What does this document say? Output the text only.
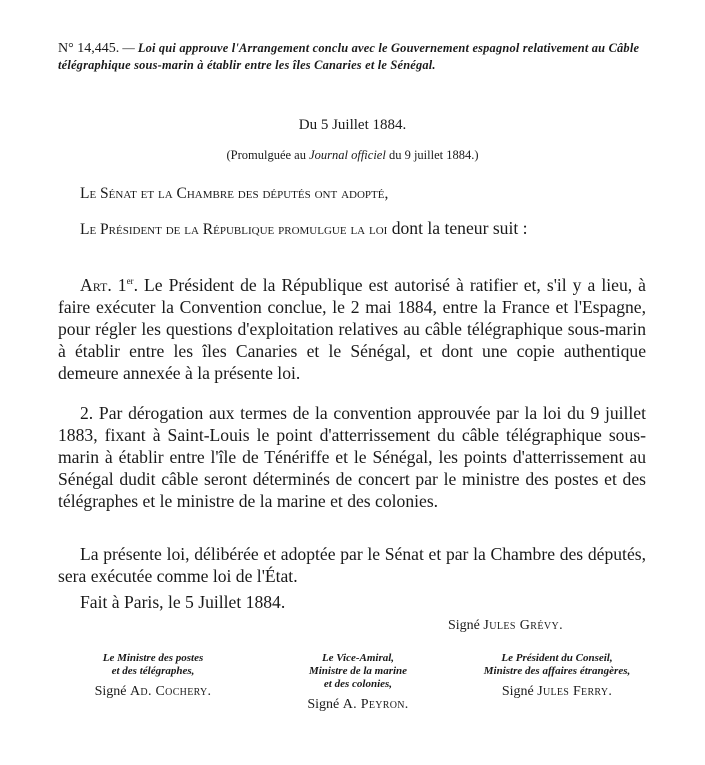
N° 14,445. — Loi qui approuve l'Arrangement conclu avec le Gouvernement espagnol relativement au Câble télégraphique sous-marin à établir entre les îles Canaries et le Sénégal.
Du 5 Juillet 1884.
(Promulguée au Journal officiel du 9 juillet 1884.)
Le Sénat et la Chambre des députés ont adopté,
Le Président de la République promulgue la loi dont la teneur suit :
Art. 1er. Le Président de la République est autorisé à ratifier et, s'il y a lieu, à faire exécuter la Convention conclue, le 2 mai 1884, entre la France et l'Espagne, pour régler les questions d'exploitation relatives au câble télégraphique sous-marin à établir entre les îles Canaries et le Sénégal, et dont une copie authentique demeure annexée à la présente loi.
2. Par dérogation aux termes de la convention approuvée par la loi du 9 juillet 1883, fixant à Saint-Louis le point d'atterrissement du câble télégraphique sous-marin à établir entre l'île de Ténériffe et le Sénégal, les points d'atterrissement au Sénégal dudit câble seront déterminés de concert par le ministre des postes et des télégraphes et le ministre de la marine et des colonies.
La présente loi, délibérée et adoptée par le Sénat et par la Chambre des députés, sera exécutée comme loi de l'État.
Fait à Paris, le 5 Juillet 1884.
Signé Jules Grévy.
Le Ministre des postes
et des télégraphes,
Signé Ad. Cochery.
Le Vice-Amiral,
Ministre de la marine
et des colonies,
Signé A. Peyron.
Le Président du Conseil,
Ministre des affaires étrangères,
Signé Jules Ferry.
